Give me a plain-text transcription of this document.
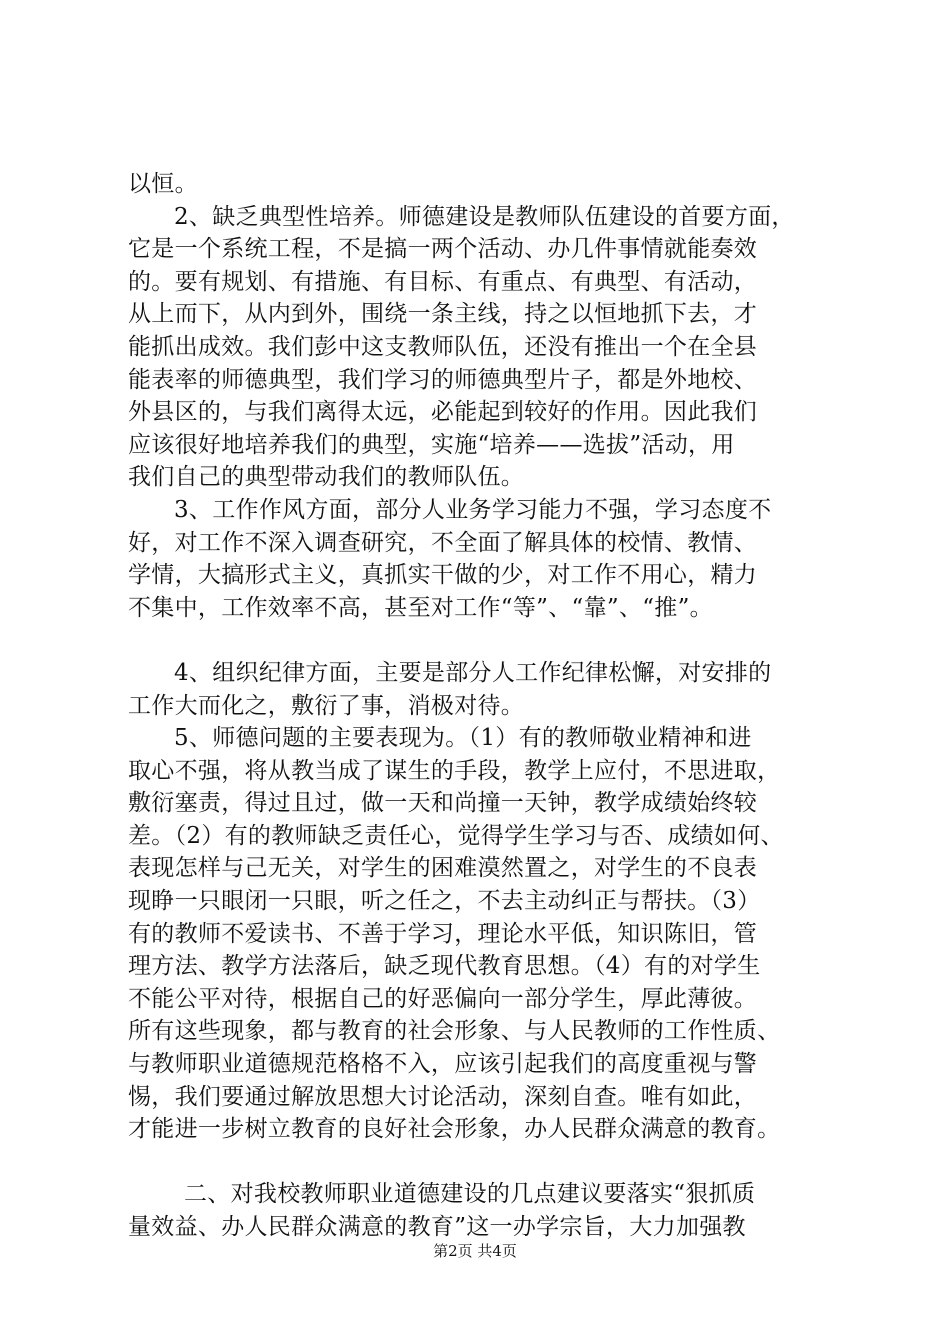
以恒。
2、缺乏典型性培养。师德建设是教师队伍建设的首要方面，
它是一个系统工程，不是搞一两个活动、办几件事情就能奏效
的。要有规划、有措施、有目标、有重点、有典型、有活动，
从上而下，从内到外，围绕一条主线，持之以恒地抓下去，才
能抓出成效。我们彭中这支教师队伍，还没有推出一个在全县
能表率的师德典型，我们学习的师德典型片子，都是外地校、
外县区的，与我们离得太远，必能起到较好的作用。因此我们
应该很好地培养我们的典型，实施“培养——选拔”活动，用
我们自己的典型带动我们的教师队伍。
3、工作作风方面，部分人业务学习能力不强，学习态度不
好，对工作不深入调查研究，不全面了解具体的校情、教情、
学情，大搞形式主义，真抓实干做的少，对工作不用心，精力
不集中，工作效率不高，甚至对工作“等”、“靠”、“推”。
4、组织纪律方面，主要是部分人工作纪律松懈，对安排的
工作大而化之，敷衍了事，消极对待。
5、师德问题的主要表现为。（1）有的教师敬业精神和进
取心不强，将从教当成了谋生的手段，教学上应付，不思进取，
敷衍塞责，得过且过，做一天和尚撞一天钟，教学成绩始终较
差。（2）有的教师缺乏责任心，觉得学生学习与否、成绩如何、
表现怎样与己无关，对学生的困难漠然置之，对学生的不良表
现睁一只眼闭一只眼，听之任之，不去主动纠正与帮扶。（3）
有的教师不爱读书、不善于学习，理论水平低，知识陈旧，管
理方法、教学方法落后，缺乏现代教育思想。（4）有的对学生
不能公平对待，根据自己的好恶偏向一部分学生，厚此薄彼。
所有这些现象，都与教育的社会形象、与人民教师的工作性质、
与教师职业道德规范格格不入，应该引起我们的高度重视与警
惕，我们要通过解放思想大讨论活动，深刻自查。唯有如此，
才能进一步树立教育的良好社会形象，办人民群众满意的教育。
二、对我校教师职业道德建设的几点建议要落实“狠抓质
量效益、办人民群众满意的教育”这一办学宗旨，大力加强教
第2页 共4页
